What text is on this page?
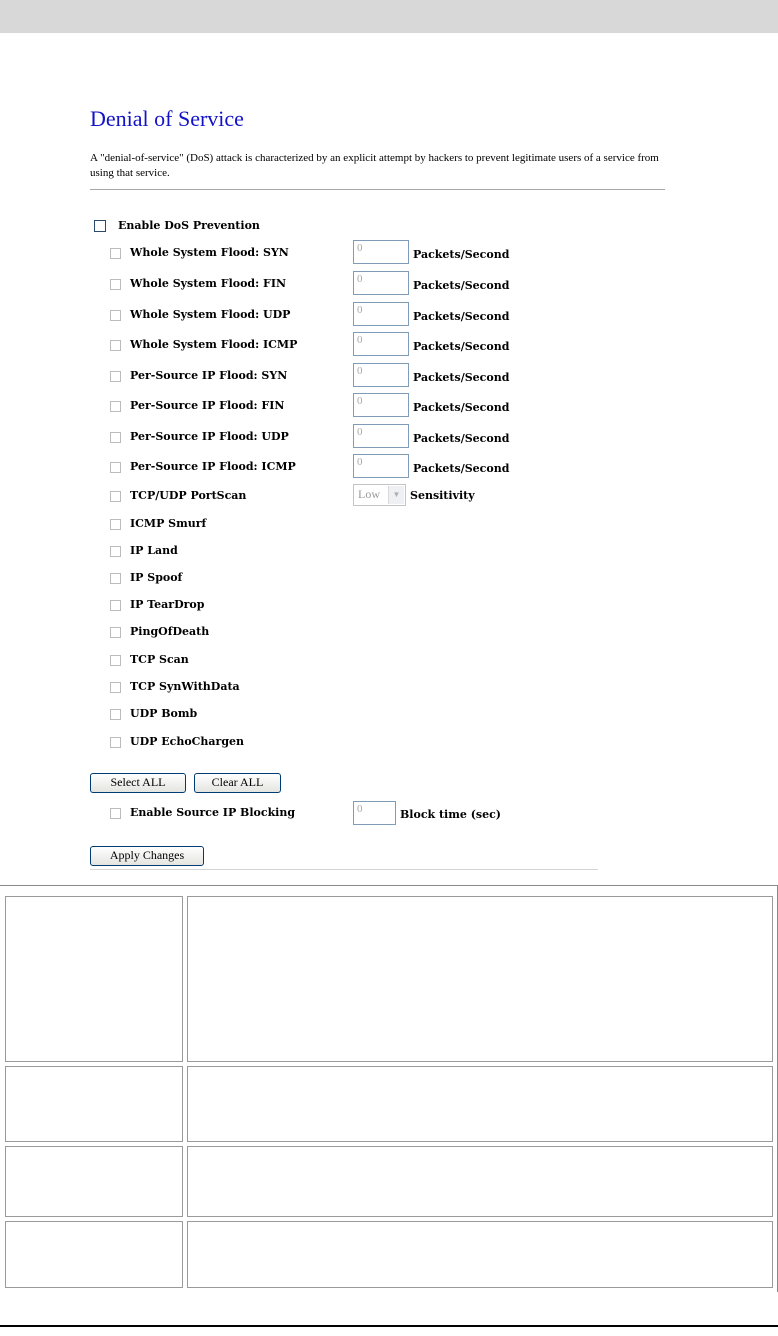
Denial of Service
A "denial-of-service" (DoS) attack is characterized by an explicit attempt by hackers to prevent legitimate users of a service from using that service.
Enable DoS Prevention
Whole System Flood: SYN	0	Packets/Second
Whole System Flood: FIN	0	Packets/Second
Whole System Flood: UDP	0	Packets/Second
Whole System Flood: ICMP	0	Packets/Second
Per-Source IP Flood: SYN	0	Packets/Second
Per-Source IP Flood: FIN	0	Packets/Second
Per-Source IP Flood: UDP	0	Packets/Second
Per-Source IP Flood: ICMP	0	Packets/Second
TCP/UDP PortScan	Low	▼ Sensitivity
ICMP Smurf
IP Land
IP Spoof
IP TearDrop
PingOfDeath
TCP Scan
TCP SynWithData
UDP Bomb
UDP EchoChargen
Select ALL	Clear ALL
Enable Source IP Blocking	0	Block time (sec)
Apply Changes
